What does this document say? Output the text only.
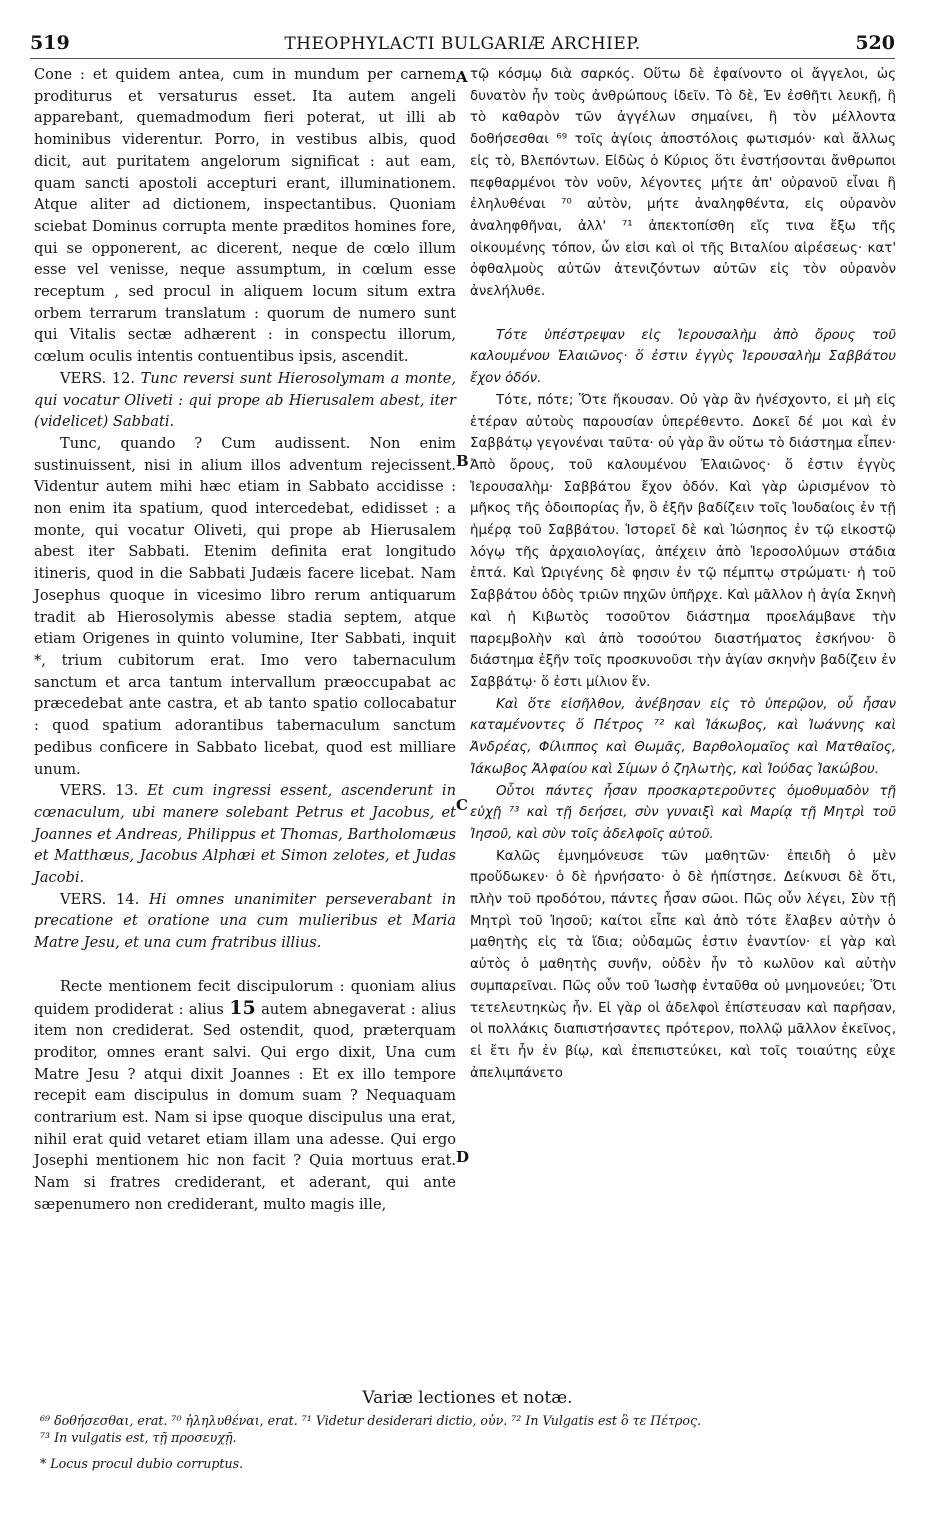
519	THEOPHYLACTI BULGARIÆ ARCHIEP.	520
A
B
C
D

Cone : et quidem antea, cum in mundum per carnem proditurus et versaturus esset. Ita autem angeli apparebant, quemadmodum fieri poterat, ut illi ab hominibus viderentur. Porro, in vestibus albis, quod dicit, aut puritatem angelorum significat : aut eam, quam sancti apostoli accepturi erant, illuminationem. Atque aliter ad dictionem, inspectantibus. Quoniam sciebat Dominus corrupta mente præditos homines fore, qui se opponerent, ac dicerent, neque de cœlo illum esse vel venisse, neque assumptum, in cœlum esse receptum , sed procul in aliquem locum situm extra orbem terrarum translatum : quorum de numero sunt qui Vitalis sectæ adhærent : in conspectu illorum, cœlum oculis intentis contuentibus ipsis, ascendit.

VERS. 12. Tunc reversi sunt Hierosolymam a monte, qui vocatur Oliveti : qui prope ab Hierusalem abest, iter (videlicet) Sabbati.

Tunc, quando ? Cum audissent. Non enim sustinuissent, nisi in alium illos adventum rejecissent. Videntur autem mihi hæc etiam in Sabbato accidisse : non enim ita spatium, quod intercedebat, edidisset : a monte, qui vocatur Oliveti, qui prope ab Hierusalem abest iter Sabbati. Etenim definita erat longitudo itineris, quod in die Sabbati Judæis facere licebat. Nam Josephus quoque in vicesimo libro rerum antiquarum tradit ab Hierosolymis abesse stadia septem, atque etiam Origenes in quinto volumine, Iter Sabbati, inquit *, trium cubitorum erat. Imo vero tabernaculum sanctum et arca tantum intervallum præoccupabat ac præcedebat ante castra, et ab tanto spatio collocabatur : quod spatium adorantibus tabernaculum sanctum pedibus conficere in Sabbato licebat, quod est milliare unum.

VERS. 13. Et cum ingressi essent, ascenderunt in cœnaculum, ubi manere solebant Petrus et Jacobus, et Joannes et Andreas, Philippus et Thomas, Bartholomæus et Matthæus, Jacobus Alphæi et Simon zelotes, et Judas Jacobi.

VERS. 14. Hi omnes unanimiter perseverabant in precatione et oratione una cum mulieribus et Maria Matre Jesu, et una cum fratribus illius.

Recte mentionem fecit discipulorum : quoniam alius quidem prodiderat : alius 15 autem abnegaverat : alius item non crediderat. Sed ostendit, quod, præterquam proditor, omnes erant salvi. Qui ergo dixit, Una cum Matre Jesu ? atqui dixit Joannes : Et ex illo tempore recepit eam discipulus in domum suam ? Nequaquam contrarium est. Nam si ipse quoque discipulus una erat, nihil erat quid vetaret etiam illam una adesse. Qui ergo Josephi mentionem hic non facit ? Quia mortuus erat. Nam si fratres crediderant, et aderant, qui ante sæpenumero non crediderant, multo magis ille,

τῷ κόσμῳ διὰ σαρκός. Οὕτω δὲ ἐφαίνοντο οἱ ἄγγελοι, ὡς δυνατὸν ἦν τοὺς ἀνθρώπους ἰδεῖν. Τὸ δὲ, Ἐν ἐσθῆτι λευκῇ, ἢ τὸ καθαρὸν τῶν ἀγγέλων σημαίνει, ἢ τὸν μέλλοντα δοθήσεσθαι ⁶⁹ τοῖς ἁγίοις ἀποστόλοις φωτισμόν· καὶ ἄλλως εἰς τὸ, Βλεπόντων. Εἰδὼς ὁ Κύριος ὅτι ἐνστήσονται ἄνθρωποι πεφθαρμένοι τὸν νοῦν, λέγοντες μήτε ἀπ' οὐρανοῦ εἶναι ἢ ἐληλυθέναι ⁷⁰ αὐτὸν, μήτε ἀναληφθέντα, εἰς οὐρανὸν ἀναληφθῆναι, ἀλλ' ⁷¹ ἀπεκτοπίσθη εἴς τινα ἔξω τῆς οἰκουμένης τόπον, ὧν εἰσι καὶ οἱ τῆς Βιταλίου αἱρέσεως· κατ' ὀφθαλμοὺς αὐτῶν ἀτενιζόντων αὐτῶν εἰς τὸν οὐρανὸν ἀνελήλυθε.

Τότε ὑπέστρεψαν εἰς Ἱερουσαλὴμ ἀπὸ ὄρους τοῦ καλουμένου Ἐλαιῶνος· ὅ ἐστιν ἐγγὺς Ἱερουσαλὴμ Σαββάτου ἔχον ὁδόν.

Τότε, πότε; Ὅτε ἤκουσαν. Οὐ γὰρ ἂν ἠνέσχοντο, εἰ μὴ εἰς ἑτέραν αὐτοὺς παρουσίαν ὑπερέθεντο. Δοκεῖ δέ μοι καὶ ἐν Σαββάτῳ γεγονέναι ταῦτα· οὐ γὰρ ἂν οὕτω τὸ διάστημα εἶπεν· Ἀπὸ ὄρους, τοῦ καλουμένου Ἐλαιῶνος· ὅ ἐστιν ἐγγὺς Ἱερουσαλὴμ· Σαββάτου ἔχον ὁδόν. Καὶ γὰρ ὡρισμένον τὸ μῆκος τῆς ὁδοιπορίας ἦν, ὃ ἐξῆν βαδίζειν τοῖς Ἰουδαίοις ἐν τῇ ἡμέρᾳ τοῦ Σαββάτου. Ἱστορεῖ δὲ καὶ Ἰώσηπος ἐν τῷ εἰκοστῷ λόγῳ τῆς ἀρχαιολογίας, ἀπέχειν ἀπὸ Ἱεροσολύμων στάδια ἑπτά. Καὶ Ὠριγένης δὲ φησιν ἐν τῷ πέμπτῳ στρώματι· ἡ τοῦ Σαββάτου ὁδὸς τριῶν πηχῶν ὑπῆρχε. Καὶ μᾶλλον ἡ ἁγία Σκηνὴ καὶ ἡ Κιβωτὸς τοσοῦτον διάστημα προελάμβανε τὴν παρεμβολὴν καὶ ἀπὸ τοσούτου διαστήματος ἐσκήνου· ὃ διάστημα ἐξῆν τοῖς προσκυνοῦσι τὴν ἁγίαν σκηνὴν βαδίζειν ἐν Σαββάτῳ· ὅ ἐστι μίλιον ἕν.

Καὶ ὅτε εἰσῆλθον, ἀνέβησαν εἰς τὸ ὑπερῷον, οὗ ἦσαν καταμένοντες ὅ Πέτρος ⁷² καὶ Ἰάκωβος, καὶ Ἰωάννης καὶ Ἀνδρέας, Φίλιππος καὶ Θωμᾶς, Βαρθολομαῖος καὶ Ματθαῖος, Ἰάκωβος Ἀλφαίου καὶ Σίμων ὁ ζηλωτὴς, καὶ Ἰούδας Ἰακώβου.

Οὗτοι πάντες ἦσαν προσκαρτεροῦντες ὁμοθυμαδὸν τῇ εὐχῇ ⁷³ καὶ τῇ δεήσει, σὺν γυναιξὶ καὶ Μαρίᾳ τῇ Μητρὶ τοῦ Ἰησοῦ, καὶ σὺν τοῖς ἀδελφοῖς αὐτοῦ.

Καλῶς ἐμνημόνευσε τῶν μαθητῶν· ἐπειδὴ ὁ μὲν προὔδωκεν· ὁ δὲ ἠρνήσατο· ὁ δὲ ἠπίστησε. Δείκνυσι δὲ ὅτι, πλὴν τοῦ προδότου, πάντες ἦσαν σῶοι. Πῶς οὖν λέγει, Σὺν τῇ Μητρὶ τοῦ Ἰησοῦ; καίτοι εἶπε καὶ ἀπὸ τότε ἔλαβεν αὐτὴν ὁ μαθητὴς εἰς τὰ ἴδια; οὐδαμῶς ἐστιν ἐναντίον· εἰ γὰρ καὶ αὐτὸς ὁ μαθητὴς συνῆν, οὐδὲν ἦν τὸ κωλῦον καὶ αὐτὴν συμπαρεῖναι. Πῶς οὖν τοῦ Ἰωσὴφ ἐνταῦθα οὐ μνημονεύει; Ὅτι τετελευτηκὼς ἦν. Εἰ γὰρ οἱ ἀδελφοὶ ἐπίστευσαν καὶ παρῆσαν, οἱ πολλάκις διαπιστήσαντες πρότερον, πολλῷ μᾶλλον ἐκεῖνος, εἰ ἔτι ἦν ἐν βίῳ, καὶ ἐπεπιστεύκει, καὶ τοῖς τοιαύτης εὐχε ἀπελιμπάνετο

Variæ lectiones et notæ.

⁶⁹ δοθήσεσθαι, erat. ⁷⁰ ἠληλυθέναι, erat. ⁷¹ Videtur desiderari dictio, οὐν. ⁷² In Vulgatis est ὃ τε Πέτρος.

⁷³ In vulgatis est, τῇ προσευχῇ.

* Locus procul dubio corruptus.
